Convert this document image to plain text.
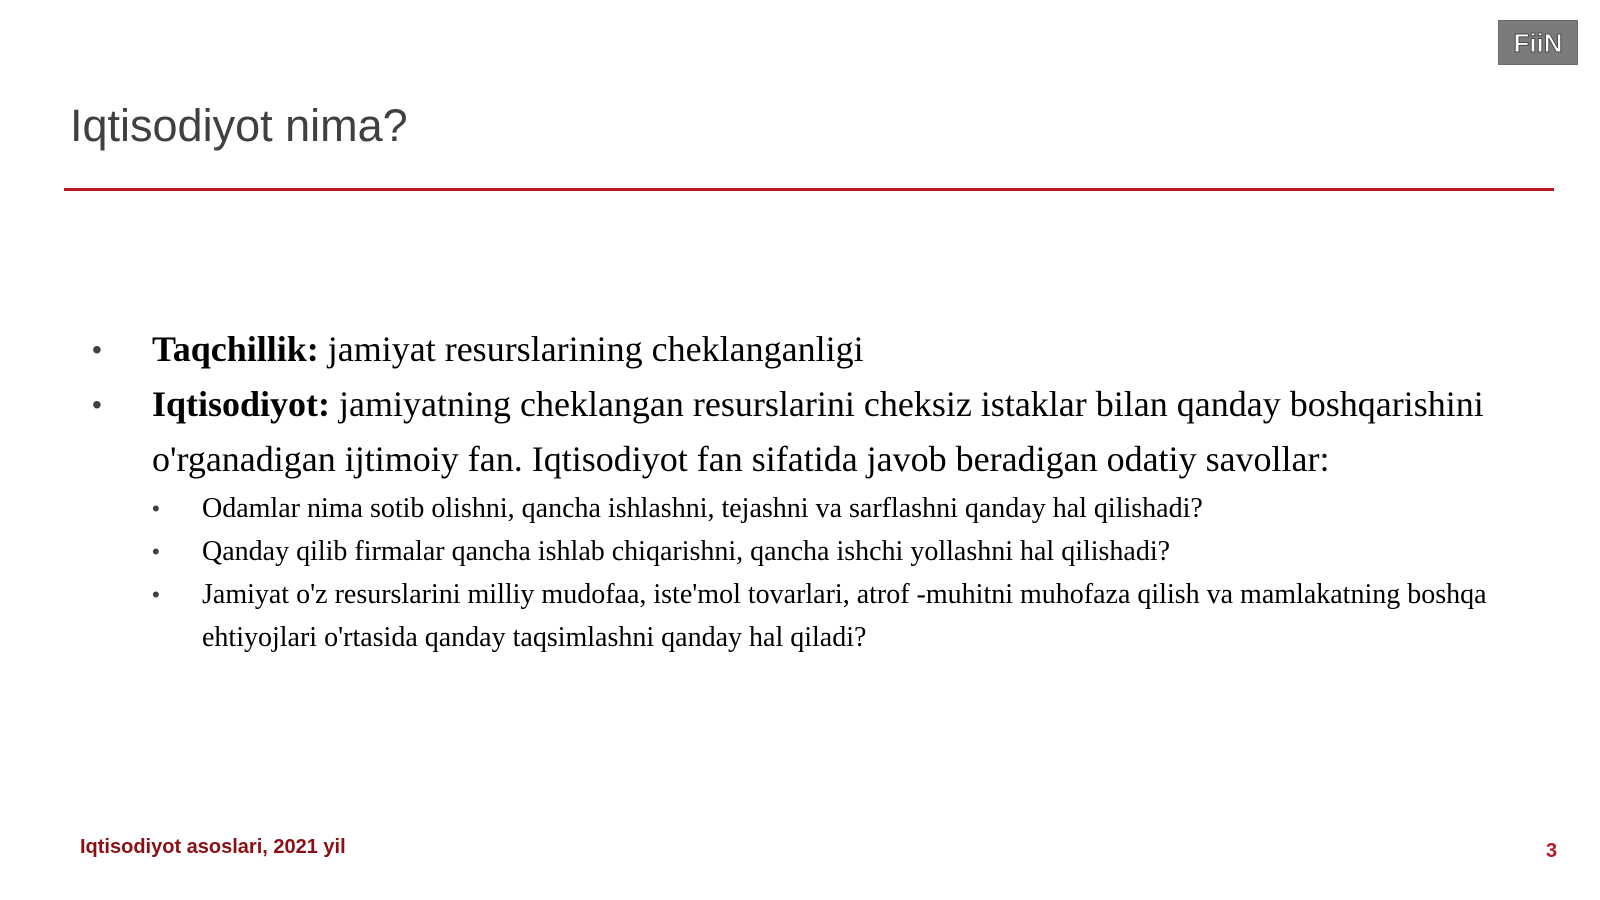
FiiN
Iqtisodiyot nima?
• Taqchillik: jamiyat resurslarining cheklanganligi
• Iqtisodiyot: jamiyatning cheklangan resurslarini cheksiz istaklar bilan qanday boshqarishini o'rganadigan ijtimoiy fan. Iqtisodiyot fan sifatida javob beradigan odatiy savollar:
• Odamlar nima sotib olishni, qancha ishlashni, tejashni va sarflashni qanday hal qilishadi?
• Qanday qilib firmalar qancha ishlab chiqarishni, qancha ishchi yollashni hal qilishadi?
• Jamiyat o'z resurslarini milliy mudofaa, iste'mol tovarlari, atrof -muhitni muhofaza qilish va mamlakatning boshqa ehtiyojlari o'rtasida qanday taqsimlashni qanday hal qiladi?
Iqtisodiyot asoslari, 2021 yil	3
